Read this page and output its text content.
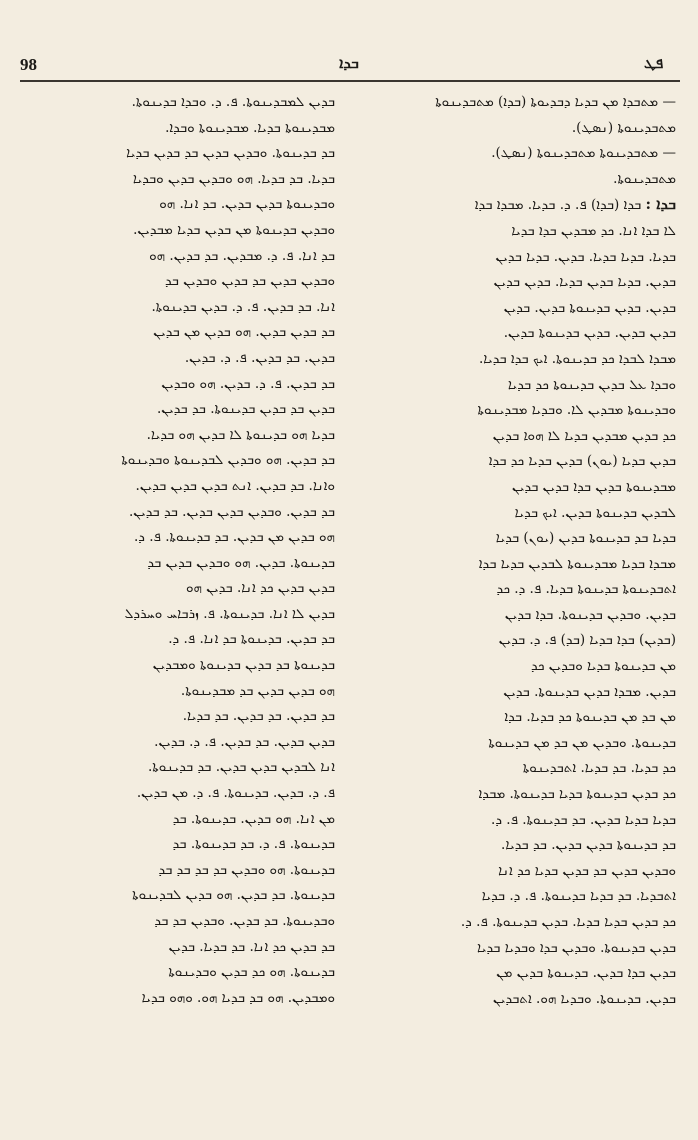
98	ܒܕܐ	ܦܛ

— ܡܬܒܕܐ ܡܢ ܒܕܝܐ ܕܒܕܝܘܬܐ (ܒܕܐ) ܡܬܒܕܝܢܘܬܐ

ܡܬܒܕܝܢܘܬܐ (ܢܣܛ).

— ܡܬܒܕܝܢܘܬܐ ܡܬܒܕܝܢܘܬܐ (ܢܣܛ).

ܡܬܒܕܝܢܘܬܐ.

ܒܕܐ : ܒܕܐ (ܒܕܐ) ܦ. ܕ. ܒܕܝܐ. ܡܒܕܐ ܒܕܐ

ܠܐ ܒܕܐ ܐܢܐ. ܟܕ ܡܒܕܝܢ ܒܕܐ ܒܕܝܐ

ܒܕܝܐ. ܒܕܝܐ ܒܕܝܐ. ܒܕܝܢ. ܒܕܝܐ ܒܕܝܢ

ܒܕܝܢ. ܒܕܝܐ ܒܕܝܢ ܒܕܝܐ. ܒܕܝܢ ܒܕܝܢ

ܒܕܝܢ. ܒܕܝܢ ܒܕܝܢܘܬܐ ܒܕܝܢ. ܒܕܝܢ

ܒܕܝܢ ܒܕܝܢ. ܒܕܝܢ ܒܕܝܢܘܬܐ ܒܕܝܢ.

ܡܒܕܐ ܠܒܕܐ ܟܕ ܒܕܝܢܘܬܐ. ܐܝܟ ܒܕܐ ܒܕܝܐ.

ܘܒܕܐ ܥܠ ܒܕܝܢ ܒܕܝܢܘܬܐ ܟܕ ܒܕܝܐ

ܘܒܕܝܢܘܬܐ ܡܒܕܝܢ ܠܐ. ܘܒܕܝܐ ܡܒܕܝܢܘܬܐ

ܟܕ ܒܕܝܢ ܡܒܕܝܢ ܒܕܝܐ ܠܐ ܗܘܐ ܒܕܝܢ

ܒܕܝܢ ܒܕܝܐ (ܝܘܢ) ܒܕܝܢ ܒܕܝܐ ܟܕ ܒܕܐ

ܡܒܕܝܢܘܬܐ ܒܕܝܢ ܒܕܐ ܒܕܝܢ ܒܕܝܢ

ܠܒܕܝܢ ܒܕܝܢܘܬܐ ܒܕܝܢ. ܐܝܟ ܒܕܝܐ

ܒܕܝܐ ܒܕ ܒܕܝܢܘܬܐ ܒܕܝܢ (ܝܘܢ) ܒܕܝܐ

ܡܒܕܐ ܒܕܝܐ ܡܒܕܝܢܘܬܐ ܠܒܕܝܢ ܒܕܝܐ ܒܕܐ

ܐܬܒܕܝܢܘܬܐ ܒܕܝܢܘܬܐ ܒܕܝܐ. ܦ. ܕ. ܟܕ

ܒܕܝܢ. ܘܒܕܝܢ ܒܕܝܢܘܬܐ. ܒܕܐ ܒܕܝܢ

(ܒܕܝܢ) ܒܕܐ ܒܕܝܐ (ܒܕ) ܦ. ܕ. ܒܕܝܢ

ܡܢ ܒܕܝܢܘܬܐ ܒܕܝܐ ܘܒܕܝܢ ܟܕ

ܒܕܝܢ. ܡܒܕܐ ܒܕܝܢ ܒܕܝܢܘܬܐ. ܒܕܝܢ

ܡܢ ܒܕ ܡܢ ܒܕܝܢܘܬܐ ܟܕ ܒܕܝܐ. ܒܕܐ

ܒܕܝܢܘܬܐ. ܘܒܕܝܢ ܡܢ ܒܕ ܡܢ ܒܕܝܢܘܬܐ

ܟܕ ܒܕܝܐ. ܒܕ ܒܕܝܐ. ܐܬܒܕܝܢܘܬܐ

ܟܕ ܒܕܝܢ ܒܕܝܢܘܬܐ ܒܕܝܐ ܒܕܝܢܘܬܐ. ܡܒܕܐ

ܒܕܝܐ ܒܕܝܐ ܒܕܝܢ. ܒܕ ܒܕܝܢܘܬܐ. ܦ. ܕ.

ܒܕ ܒܕܝܢܘܬܐ ܒܕܝܢ ܒܕܝܢ. ܒܕ ܒܕܝܐ.

ܘܒܕܝܢ ܒܕܝܢ ܒܕ ܒܕܝܢ ܒܕܝܐ ܟܕ ܐܢܐ

ܐܬܒܕܝܐ. ܒܕ ܒܕܝܐ ܒܕܝܢܘܬܐ. ܦ. ܕ. ܒܕܝܐ

ܟܕ ܒܕܝܢ ܒܕܝܐ ܒܕܝܐ. ܒܕܝܢ ܒܕܝܢܘܬܐ. ܦ. ܕ.

ܒܕܝܢ ܒܕܝܢܘܬܐ. ܘܒܕܝܢ ܒܕܐ ܘܒܕܝܐ ܒܕܝܐ

ܒܕܝܢ ܒܕܐ ܒܕܝܢ. ܒܕܝܢܘܬܐ ܒܕܝܢ ܡܢ

ܒܕܝܢ. ܒܕܝܢܘܬܐ. ܘܒܕܝܐ ܗܘ. ܐܬܒܕܝܢ

ܒܕܝܢ ܠܡܒܕܝܢܘܬܐ. ܦ. ܕ. ܘܒܕܐ ܒܕܝܢܘܬܐ.

ܡܒܕܝܢܘܬܐ ܒܕܝܐ. ܡܒܕܝܢܘܬܐ ܘܒܕܐ.

ܒܕ ܒܕܝܢܘܬܐ. ܘܒܕܝܢ ܒܕܝܢ ܒܕ ܒܕܝܢ ܒܕܝܐ

ܒܕܝܐ. ܒܕ ܒܕܝܐ. ܗܘ ܘܒܕܝܢ ܒܕܝܢ ܘܒܕܝܐ

ܘܒܕܝܢܘܬܐ ܒܕܝܢ ܒܕܝܢ. ܒܕ ܐܢܐ. ܗܘ

ܘܒܕܝܢ ܒܕܝܢܘܬܐ ܡܢ ܒܕܝܢ ܒܕܝܐ ܡܒܕܝܢ.

ܒܕ ܐܢܐ. ܦ. ܕ. ܡܒܕܝܢ. ܒܕ ܒܕܝܢ. ܗܘ

ܘܒܕܝܢ ܒܕܝܢ ܒܕ ܒܕܝܢ ܘܒܕܝܢ ܒܕ

ܐܢܐ. ܒܕ ܒܕܝܢ. ܦ. ܕ. ܒܕܝܢ ܒܕܝܢܘܬܐ.

ܒܕ ܒܕܝܢ ܒܕܝܢ. ܗܘ ܒܕܝܢ ܡܢ ܒܕܝܢ

ܒܕܝܢ. ܒܕ ܒܕܝܢ. ܦ. ܕ. ܒܕܝܢ.

ܒܕ ܒܕܝܢ. ܦ. ܕ. ܒܕܝܢ. ܗܘ ܘܒܕܝܢ

ܒܕܝܢ ܒܕ ܒܕܝܢ ܒܕܝܢܘܬܐ. ܒܕ ܒܕܝܢ.

ܒܕܝܐ ܗܘ ܒܕܝܢܘܬܐ ܠܐ ܒܕܝܢ ܗܘ ܒܕܝܐ.

ܒܕ ܒܕܝܢ. ܗܘ ܘܒܕܝܢ ܠܒܕܝܢܘܬܐ ܘܒܕܝܢܘܬܐ

ܘܐܢܐ. ܒܕ ܒܕܝܢ. ܐܢܬ ܒܕܝܢ ܒܕܝܢ ܒܕܝܢ.

ܒܕ ܒܕܝܢ. ܘܒܕܝܢ ܒܕܝܢ ܒܕܝܢ. ܒܕ ܒܕܝܢ.

ܗܘ ܒܕܝܢ ܡܢ ܒܕܝܢ. ܒܕ ܒܕܝܢܘܬܐ. ܦ. ܕ.

ܒܕܝܢܘܬܐ. ܒܕܝܢ. ܗܘ ܘܒܕܝܢ ܒܕܝܢ ܒܕ

ܒܕܝܢ ܒܕܝܢ ܟܕ ܐܢܐ. ܒܕܝܢ ܗܘ

ܒܕܝܢ ܠܐ ܐܢܐ. ܒܕܝܢܘܬܐ. ܦ. ܙܪܒܐܚ ܘܚܪܕܠ

ܒܕ ܒܕܝܢ. ܒܕܝܢܘܬܐ ܒܕ ܐܢܐ. ܦ. ܕ.

ܒܕܝܢܘܬܐ ܒܕ ܒܕܝܢ ܒܕܝܢܘܬܐ ܘܡܒܕܝܢ

ܗܘ ܒܕܝܢ ܒܕܝܢ ܒܕ ܡܒܕܝܢܘܬܐ.

ܒܕ ܒܕܝܢ. ܒܕ ܒܕܝܢ. ܒܕ ܒܕܝܐ.

ܒܕܝܢ ܒܕܝܢ. ܒܕ ܒܕܝܢ. ܦ. ܕ. ܒܕܝܢ.

ܐܢܐ ܠܒܕܝܢ ܒܕܝܢ ܒܕܝܢ. ܒܕ ܒܕܝܢܘܬܐ.

ܦ. ܕ. ܒܕܝܢ. ܒܕܝܢܘܬܐ. ܦ. ܕ. ܡܢ ܒܕܝܢ.

ܡܢ ܐܢܐ. ܗܘ ܒܕܝܢ. ܒܕܝܢܘܬܐ. ܒܕ

ܒܕܝܢܘܬܐ. ܦ. ܕ. ܒܕ ܒܕܝܢܘܬܐ. ܒܕ

ܒܕܝܢܘܬܐ. ܗܘ ܘܒܕܝܢ ܒܕ ܒܕ ܒܕ ܒܕ

ܒܕܝܢܘܬܐ. ܒܕ ܒܕܝܢ. ܗܘ ܒܕܝܢ ܠܒܕܝܢܘܬܐ

ܘܒܕܝܢܘܬܐ. ܒܕ ܒܕܝܢ. ܘܒܕܝܢ ܒܕ ܒܕ

ܒܕ ܒܕܝܢ ܟܕ ܐܢܐ. ܒܕ ܒܕܝܐ. ܒܕܝܢ

ܒܕܝܢܘܬܐ. ܗܘ ܟܕ ܒܕܝܢ ܘܒܕܝܢܘܬܐ

ܘܡܒܕܝܢ. ܗܘ ܒܕ ܒܕܝܐ ܗܘ. ܘܗܘ ܒܕܝܐ
